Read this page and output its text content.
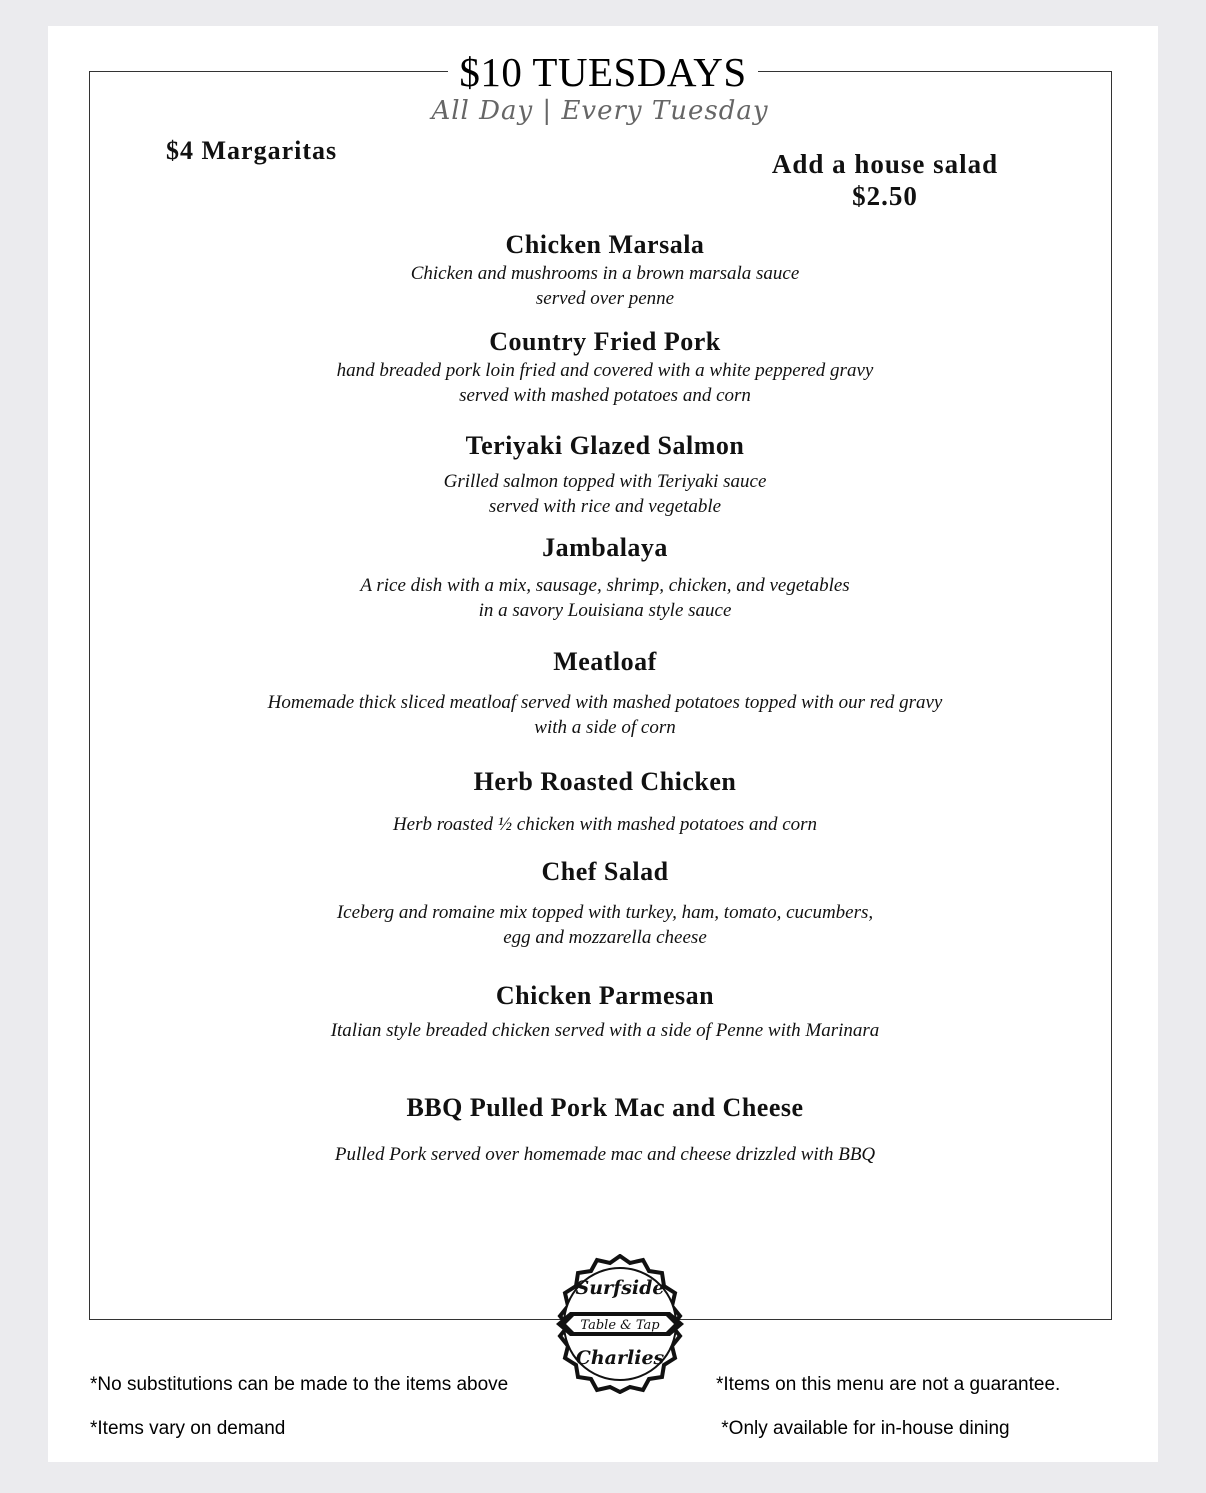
$10 TUESDAYS
All Day | Every Tuesday
$4 Margaritas	Add a house salad
$2.50
Chicken Marsala
Chicken and mushrooms in a brown marsala sauce
served over penne
Country Fried Pork
hand breaded pork loin fried and covered with a white peppered gravy
served with mashed potatoes and corn
Teriyaki Glazed Salmon
Grilled salmon topped with Teriyaki sauce
served with rice and vegetable
Jambalaya
A rice dish with a mix, sausage, shrimp, chicken, and vegetables
in a savory Louisiana style sauce
Meatloaf
Homemade thick sliced meatloaf served with mashed potatoes topped with our red gravy
with a side of corn
Herb Roasted Chicken
Herb roasted ½ chicken with mashed potatoes and corn
Chef Salad
Iceberg and romaine mix topped with turkey, ham, tomato, cucumbers,
egg and mozzarella cheese
Chicken Parmesan
Italian style breaded chicken served with a side of Penne with Marinara
BBQ Pulled Pork Mac and Cheese
Pulled Pork served over homemade mac and cheese drizzled with BBQ
Surfside
Table & Tap
Charlies

*No substitutions can be made to the items above

*Items vary on demand

*Items on this menu are not a guarantee.

*Only available for in-house dining
